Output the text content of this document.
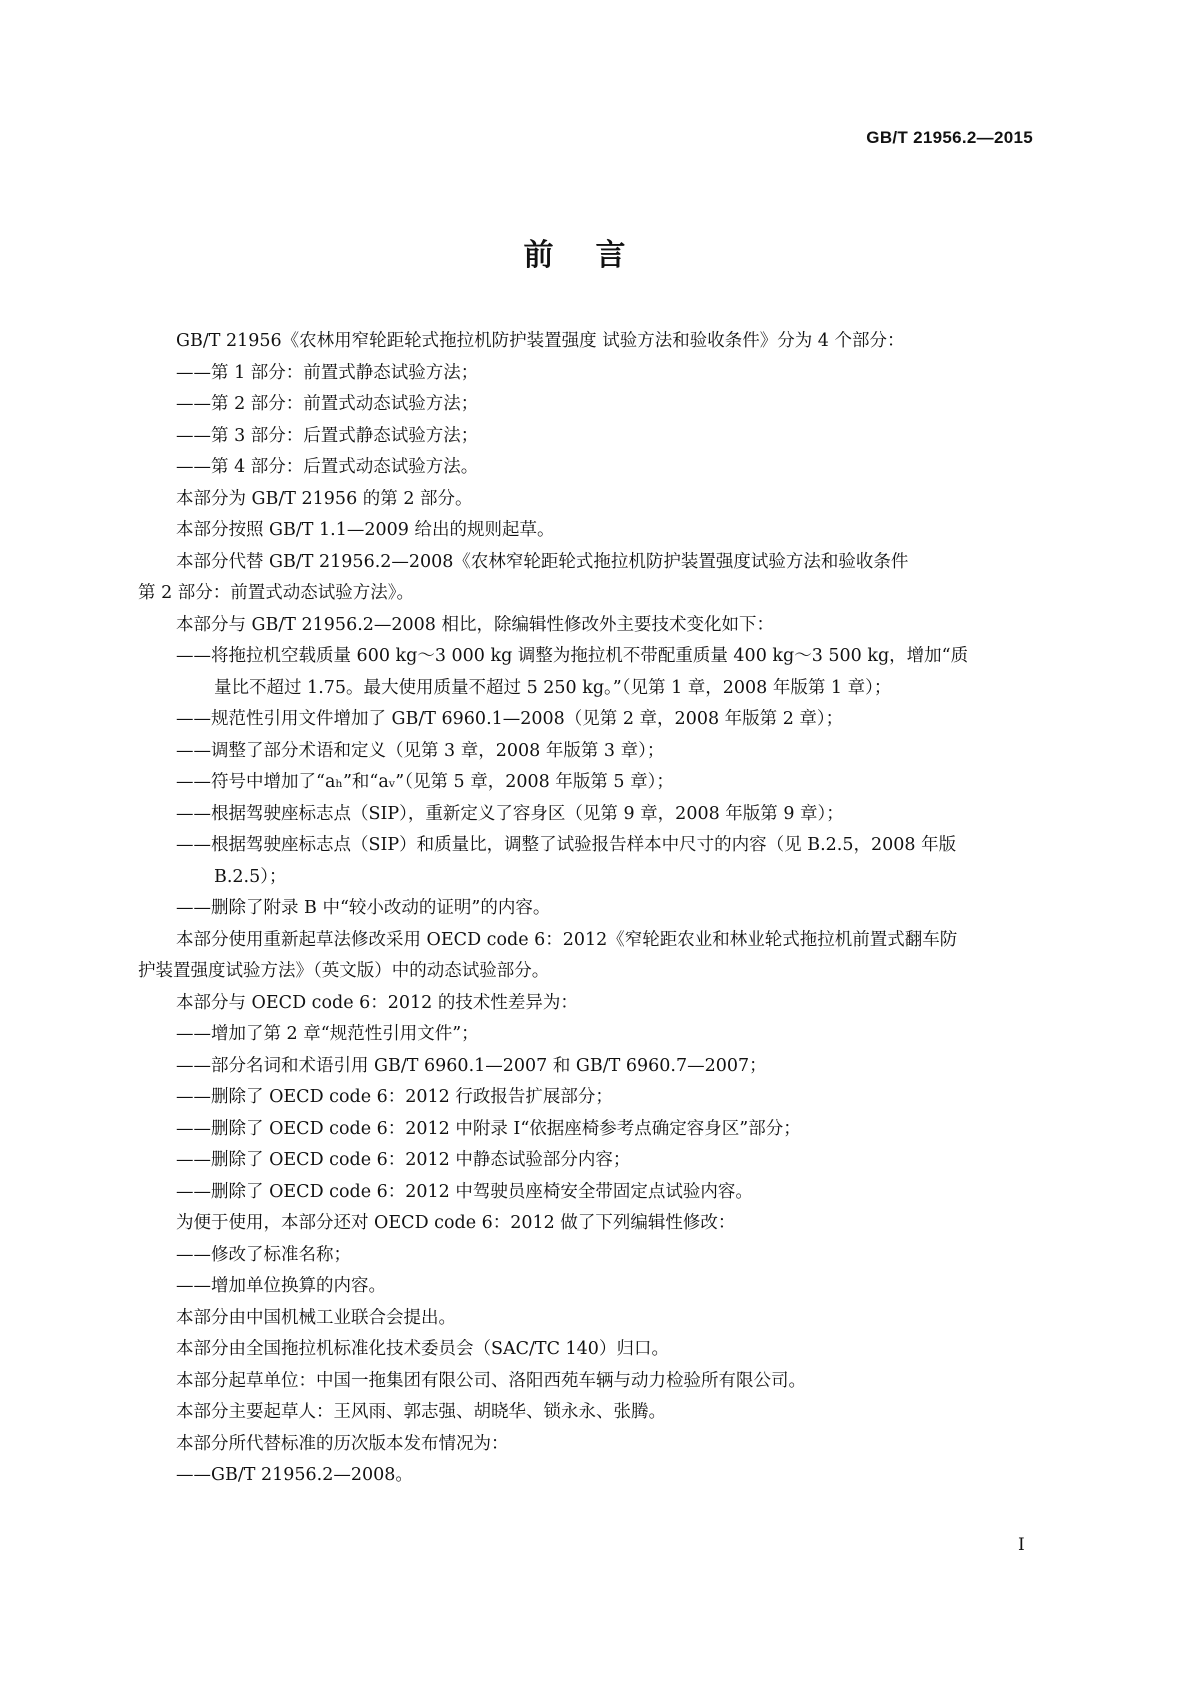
GB/T 21956.2—2015
前言
GB/T 21956《农林用窄轮距轮式拖拉机防护装置强度 试验方法和验收条件》分为 4 个部分：
——第 1 部分：前置式静态试验方法；
——第 2 部分：前置式动态试验方法；
——第 3 部分：后置式静态试验方法；
——第 4 部分：后置式动态试验方法。
本部分为 GB/T 21956 的第 2 部分。
本部分按照 GB/T 1.1—2009 给出的规则起草。
本部分代替 GB/T 21956.2—2008《农林窄轮距轮式拖拉机防护装置强度试验方法和验收条件
第 2 部分：前置式动态试验方法》。
本部分与 GB/T 21956.2—2008 相比，除编辑性修改外主要技术变化如下：
——将拖拉机空载质量 600 kg～3 000 kg 调整为拖拉机不带配重质量 400 kg～3 500 kg，增加“质
量比不超过 1.75。最大使用质量不超过 5 250 kg。”（见第 1 章，2008 年版第 1 章）；
——规范性引用文件增加了 GB/T 6960.1—2008（见第 2 章，2008 年版第 2 章）；
——调整了部分术语和定义（见第 3 章，2008 年版第 3 章）；
——符号中增加了“aₕ”和“aᵥ”（见第 5 章，2008 年版第 5 章）；
——根据驾驶座标志点（SIP），重新定义了容身区（见第 9 章，2008 年版第 9 章）；
——根据驾驶座标志点（SIP）和质量比，调整了试验报告样本中尺寸的内容（见 B.2.5，2008 年版
B.2.5）；
——删除了附录 B 中“较小改动的证明”的内容。
本部分使用重新起草法修改采用 OECD code 6：2012《窄轮距农业和林业轮式拖拉机前置式翻车防
护装置强度试验方法》（英文版）中的动态试验部分。
本部分与 OECD code 6：2012 的技术性差异为：
——增加了第 2 章“规范性引用文件”；
——部分名词和术语引用 GB/T 6960.1—2007 和 GB/T 6960.7—2007；
——删除了 OECD code 6：2012 行政报告扩展部分；
——删除了 OECD code 6：2012 中附录 I“依据座椅参考点确定容身区”部分；
——删除了 OECD code 6：2012 中静态试验部分内容；
——删除了 OECD code 6：2012 中驾驶员座椅安全带固定点试验内容。
为便于使用，本部分还对 OECD code 6：2012 做了下列编辑性修改：
——修改了标准名称；
——增加单位换算的内容。
本部分由中国机械工业联合会提出。
本部分由全国拖拉机标准化技术委员会（SAC/TC 140）归口。
本部分起草单位：中国一拖集团有限公司、洛阳西苑车辆与动力检验所有限公司。
本部分主要起草人：王风雨、郭志强、胡晓华、锁永永、张腾。
本部分所代替标准的历次版本发布情况为：
——GB/T 21956.2—2008。
I
